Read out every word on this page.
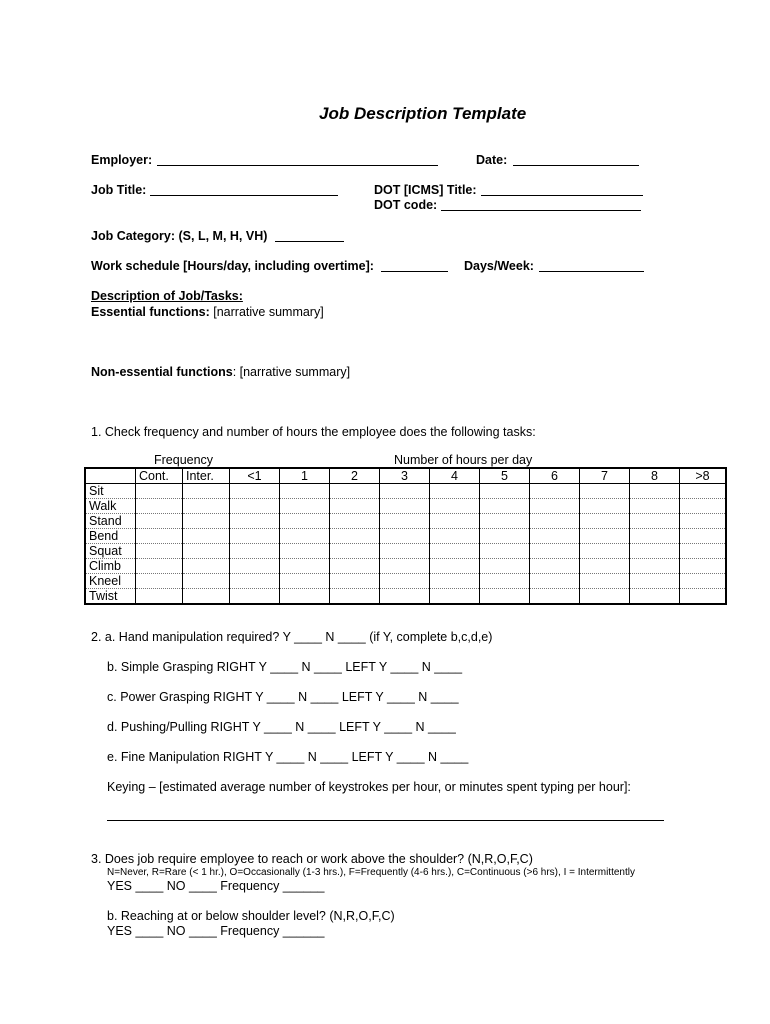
Job Description Template
Employer:	Date:
Job Title:	DOT [ICMS] Title:
DOT code:
Job Category: (S, L, M, H, VH)
Work schedule [Hours/day, including overtime]:	Days/Week:
Description of Job/Tasks:
Essential functions: [narrative summary]
Non-essential functions: [narrative summary]
1. Check frequency and number of hours the employee does the following tasks:
Frequency	Number of hours per day
	Cont.	Inter.	<1	1	2	3	4	5	6	7	8	>8
Sit												
Walk												
Stand												
Bend												
Squat												
Climb												
Kneel												
Twist												
2. a. Hand manipulation required? Y ____ N ____ (if Y, complete b,c,d,e)
b. Simple Grasping RIGHT Y ____ N ____ LEFT Y ____ N ____
c. Power Grasping RIGHT Y ____ N ____ LEFT Y ____ N ____
d. Pushing/Pulling RIGHT Y ____ N ____ LEFT Y ____ N ____
e. Fine Manipulation RIGHT Y ____ N ____ LEFT Y ____ N ____
Keying – [estimated average number of keystrokes per hour, or minutes spent typing per hour]:
3. Does job require employee to reach or work above the shoulder? (N,R,O,F,C)
N=Never, R=Rare (< 1 hr.), O=Occasionally (1-3 hrs.), F=Frequently (4-6 hrs.), C=Continuous (>6 hrs), I = Intermittently
YES ____ NO ____ Frequency ______
b. Reaching at or below shoulder level? (N,R,O,F,C)
YES ____ NO ____ Frequency ______
